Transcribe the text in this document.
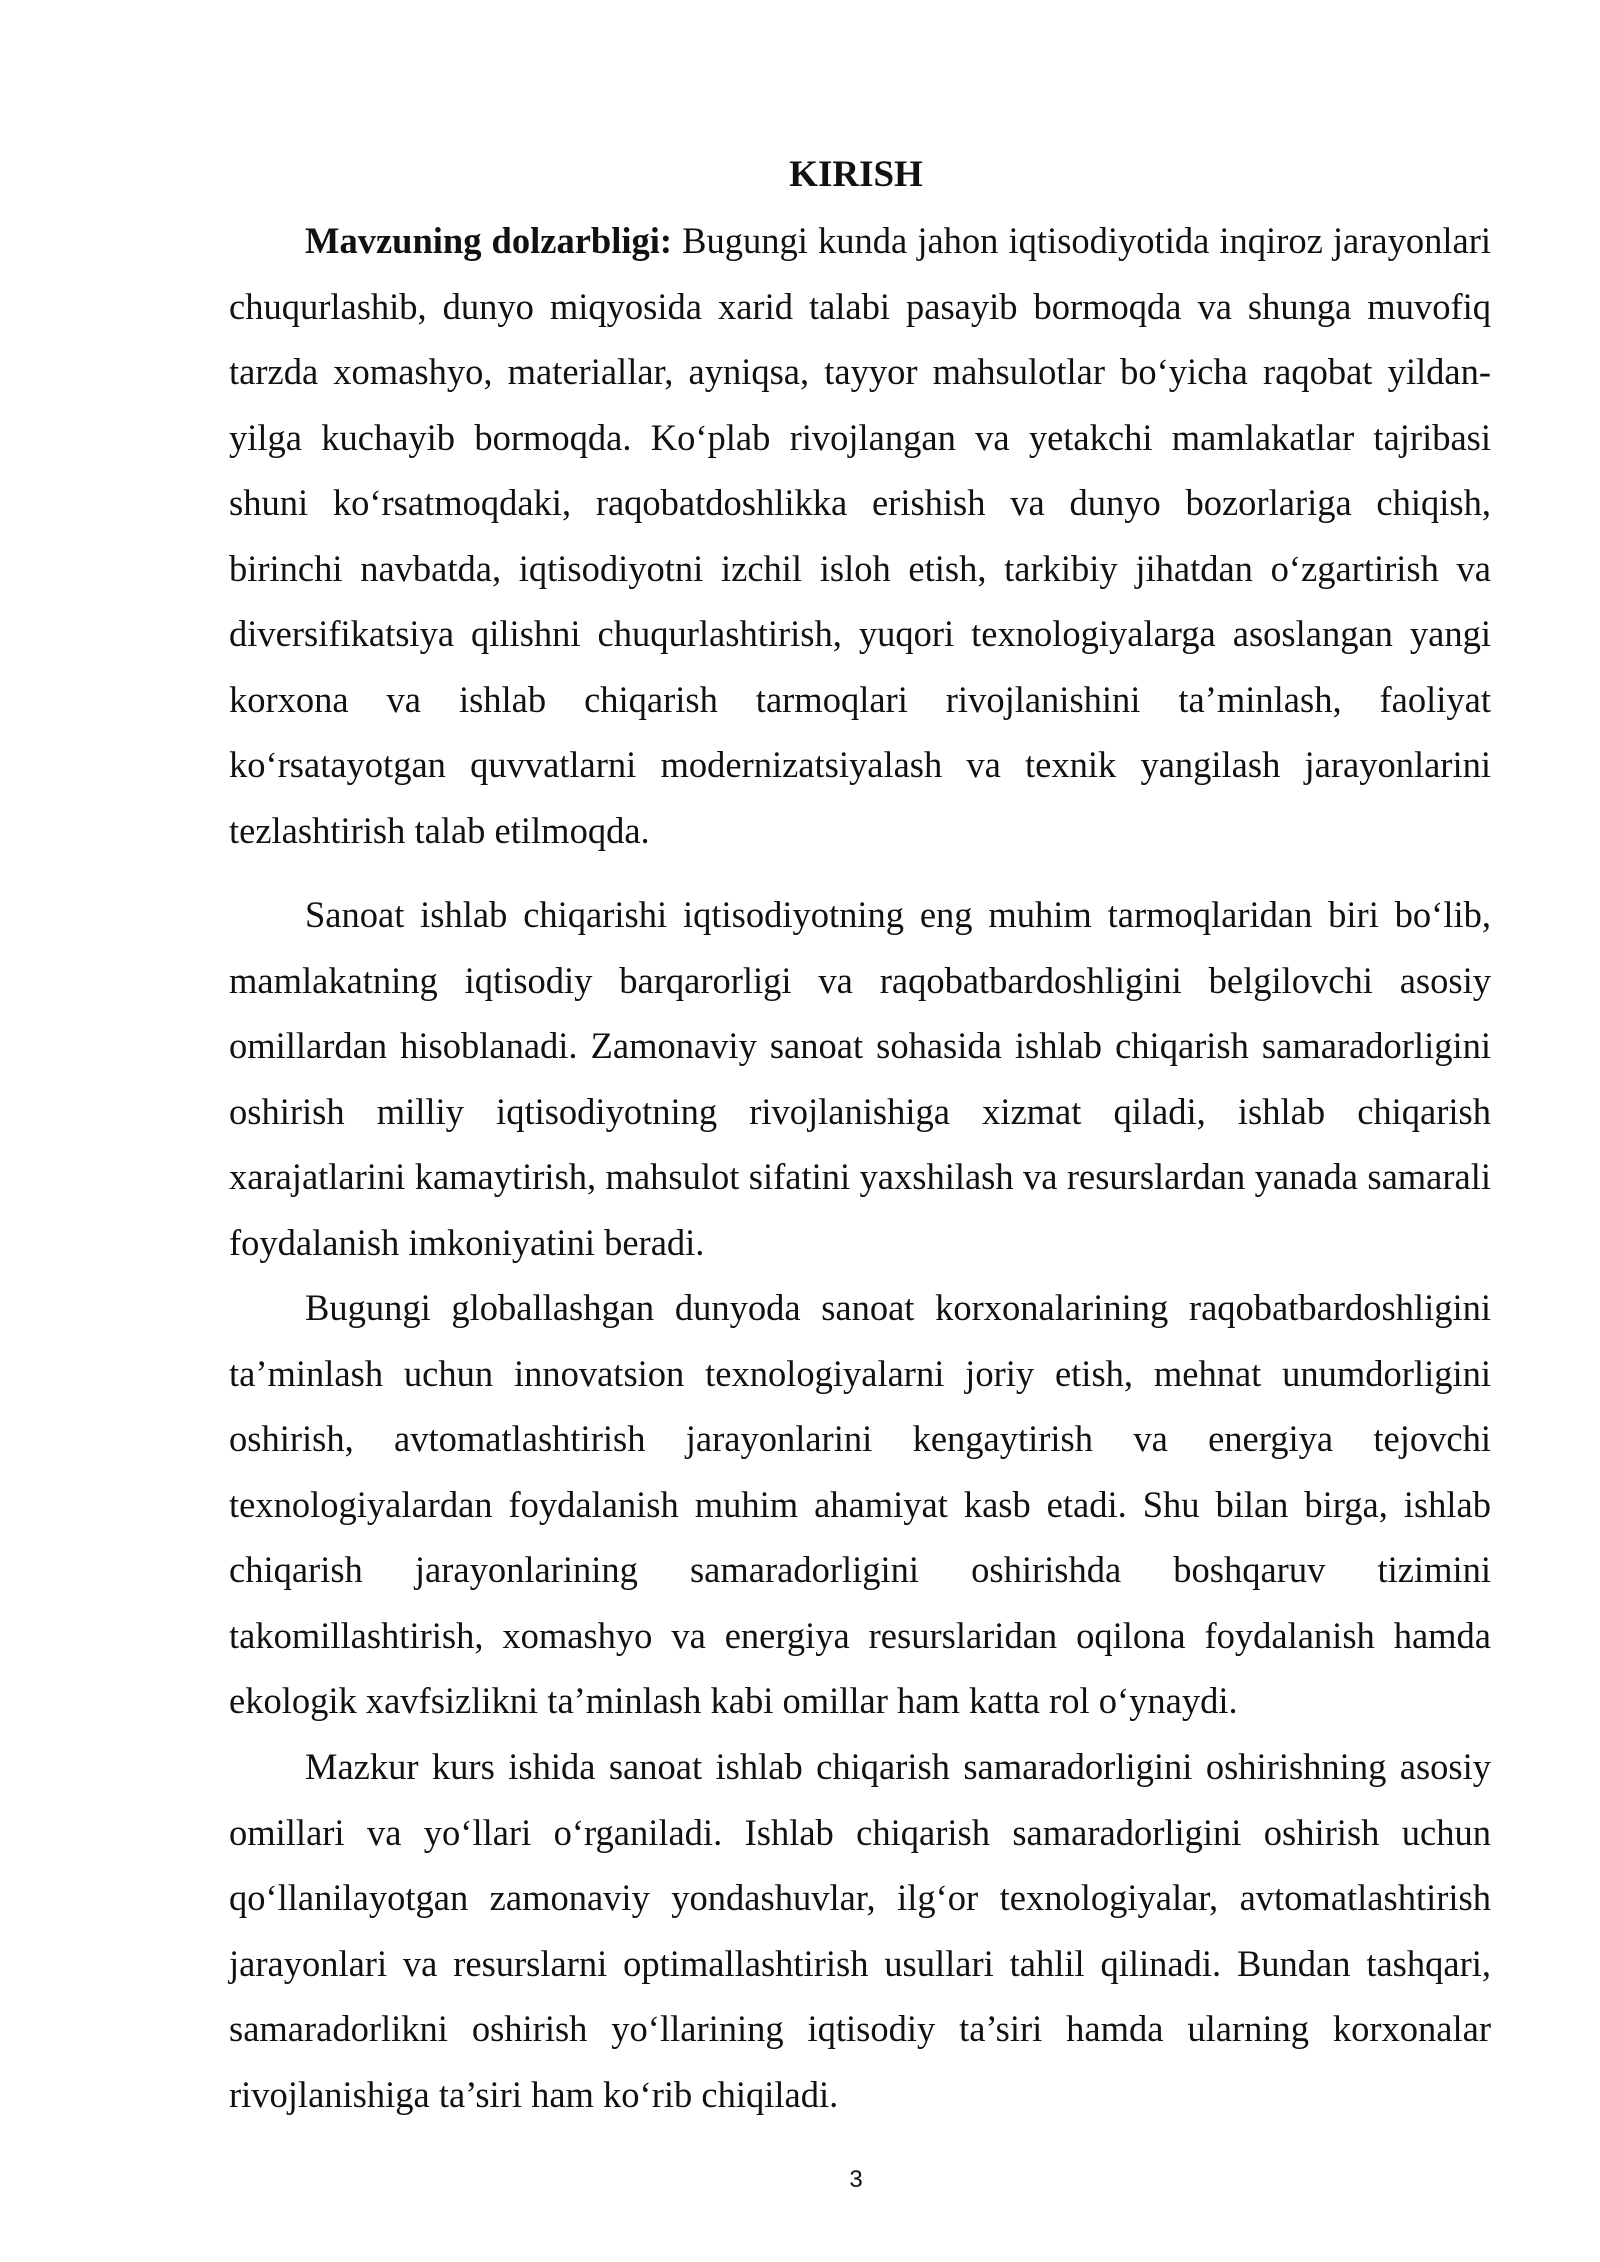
KIRISH

Mavzuning dolzarbligi: Bugungi kunda jahon iqtisodiyotida inqiroz jarayonlari chuqurlashib, dunyo miqyosida xarid talabi pasayib bormoqda va shunga muvofiq tarzda xomashyo, materiallar, ayniqsa, tayyor mahsulotlar bo‘yicha raqobat yildan-yilga kuchayib bormoqda. Ko‘plab rivojlangan va yetakchi mamlakatlar tajribasi shuni ko‘rsatmoqdaki, raqobatdoshlikka erishish va dunyo bozorlariga chiqish, birinchi navbatda, iqtisodiyotni izchil isloh etish, tarkibiy jihatdan o‘zgartirish va diversifikatsiya qilishni chuqurlashtirish, yuqori texnologiyalarga asoslangan yangi korxona va ishlab chiqarish tarmoqlari rivojlanishini ta’minlash, faoliyat ko‘rsatayotgan quvvatlarni modernizatsiyalash va texnik yangilash jarayonlarini tezlashtirish talab etilmoqda.

Sanoat ishlab chiqarishi iqtisodiyotning eng muhim tarmoqlaridan biri bo‘lib, mamlakatning iqtisodiy barqarorligi va raqobatbardoshligini belgilovchi asosiy omillardan hisoblanadi. Zamonaviy sanoat sohasida ishlab chiqarish samaradorligini oshirish milliy iqtisodiyotning rivojlanishiga xizmat qiladi, ishlab chiqarish xarajatlarini kamaytirish, mahsulot sifatini yaxshilash va resurslardan yanada samarali foydalanish imkoniyatini beradi.

Bugungi globallashgan dunyoda sanoat korxonalarining raqobatbardoshligini ta’minlash uchun innovatsion texnologiyalarni joriy etish, mehnat unumdorligini oshirish, avtomatlashtirish jarayonlarini kengaytirish va energiya tejovchi texnologiyalardan foydalanish muhim ahamiyat kasb etadi. Shu bilan birga, ishlab chiqarish jarayonlarining samaradorligini oshirishda boshqaruv tizimini takomillashtirish, xomashyo va energiya resurslaridan oqilona foydalanish hamda ekologik xavfsizlikni ta’minlash kabi omillar ham katta rol o‘ynaydi.

Mazkur kurs ishida sanoat ishlab chiqarish samaradorligini oshirishning asosiy omillari va yo‘llari o‘rganiladi. Ishlab chiqarish samaradorligini oshirish uchun qo‘llanilayotgan zamonaviy yondashuvlar, ilg‘or texnologiyalar, avtomatlashtirish jarayonlari va resurslarni optimallashtirish usullari tahlil qilinadi. Bundan tashqari, samaradorlikni oshirish yo‘llarining iqtisodiy ta’siri hamda ularning korxonalar rivojlanishiga ta’siri ham ko‘rib chiqiladi.

3
